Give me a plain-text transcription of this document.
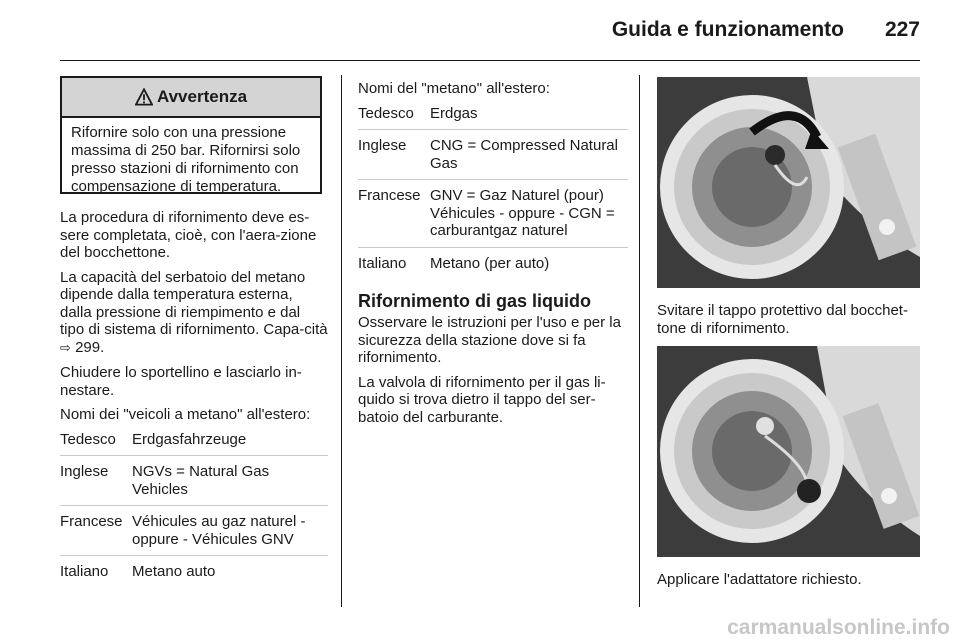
Guida e funzionamento	227
Avvertenza
Rifornire solo con una pressione massima di 250 bar. Rifornirsi solo presso stazioni di rifornimento con compensazione di temperatura.

La procedura di rifornimento deve es-sere completata, cioè, con l'aera-zione del bocchettone.

La capacità del serbatoio del metano dipende dalla temperatura esterna, dalla pressione di riempimento e dal tipo di sistema di rifornimento. Capa-cità ⇨ 299.

Chiudere lo sportellino e lasciarlo in-nestare.

Nomi dei "veicoli a metano" all'estero:

Tedesco	Erdgasfahrzeuge
Inglese	NGVs = Natural Gas Vehicles
Francese	Véhicules au gaz naturel - oppure - Véhicules GNV
Italiano	Metano auto

Nomi del "metano" all'estero:

Tedesco	Erdgas
Inglese	CNG = Compressed Natural Gas
Francese	GNV = Gaz Naturel (pour) Véhicules - oppure - CGN = carburantgaz naturel
Italiano	Metano (per auto)
Rifornimento di gas liquido

Osservare le istruzioni per l'uso e per la sicurezza della stazione dove si fa rifornimento.

La valvola di rifornimento per il gas li-quido si trova dietro il tappo del ser-batoio del carburante.

Svitare il tappo protettivo dal bocchet-tone di rifornimento.
Applicare l'adattatore richiesto.
carmanualsonline.info
